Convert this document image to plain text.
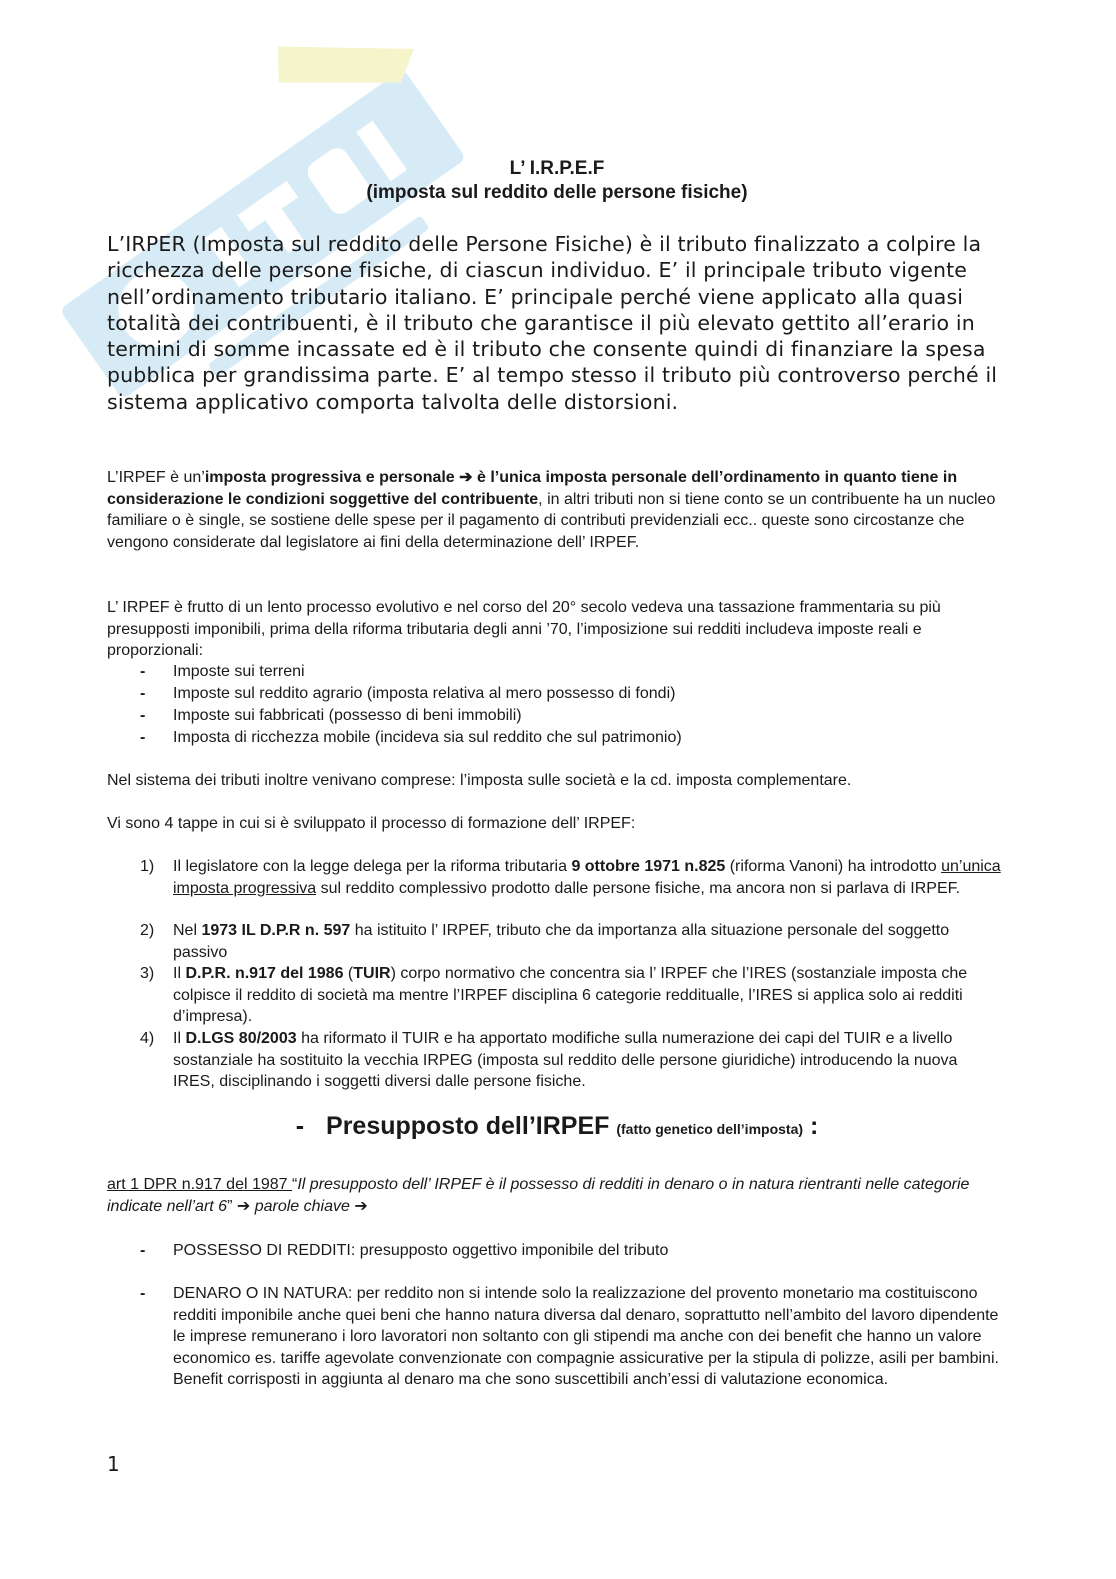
L’ I.R.P.E.F
(imposta sul reddito delle persone fisiche)

L’IRPER (Imposta sul reddito delle Persone Fisiche) è il tributo finalizzato a colpire la ricchezza delle persone fisiche, di ciascun individuo. E’ il principale tributo vigente nell’ordinamento tributario italiano. E’ principale perché viene applicato alla quasi totalità dei contribuenti, è il tributo che garantisce il più elevato gettito all’erario in termini di somme incassate ed è il tributo che consente quindi di finanziare la spesa pubblica per grandissima parte. E’ al tempo stesso il tributo più controverso perché il sistema applicativo comporta talvolta delle distorsioni.

L’IRPEF è un’imposta progressiva e personale ➔ è l’unica imposta personale dell’ordinamento in quanto tiene in considerazione le condizioni soggettive del contribuente, in altri tributi non si tiene conto se un contribuente ha un nucleo familiare o è single, se sostiene delle spese per il pagamento di contributi previdenziali ecc.. queste sono circostanze che vengono considerate dal legislatore ai fini della determinazione dell’ IRPEF.

L’ IRPEF è frutto di un lento processo evolutivo e nel corso del 20° secolo vedeva una tassazione frammentaria su più presupposti imponibili, prima della riforma tributaria degli anni ’70, l’imposizione sui redditi includeva imposte reali e proporzionali:

- Imposte sui terreni
- Imposte sul reddito agrario (imposta relativa al mero possesso di fondi)
- Imposte sui fabbricati (possesso di beni immobili)
- Imposta di ricchezza mobile (incideva sia sul reddito che sul patrimonio)

Nel sistema dei tributi inoltre venivano comprese: l’imposta sulle società e la cd. imposta complementare.

Vi sono 4 tappe in cui si è sviluppato il processo di formazione dell’ IRPEF:

1) Il legislatore con la legge delega per la riforma tributaria 9 ottobre 1971 n.825 (riforma Vanoni) ha introdotto un’unica imposta progressiva sul reddito complessivo prodotto dalle persone fisiche, ma ancora non si parlava di IRPEF.
2) Nel 1973 IL D.P.R n. 597 ha istituito l’ IRPEF, tributo che da importanza alla situazione personale del soggetto passivo
3) Il D.P.R. n.917 del 1986 (TUIR) corpo normativo che concentra sia l’ IRPEF che l’IRES (sostanziale imposta che colpisce il reddito di società ma mentre l’IRPEF disciplina 6 categorie redditualle, l’IRES si applica solo ai redditi d’impresa).
4) Il D.LGS 80/2003 ha riformato il TUIR e ha apportato modifiche sulla numerazione dei capi del TUIR e a livello sostanziale ha sostituito la vecchia IRPEG (imposta sul reddito delle persone giuridiche) introducendo la nuova IRES, disciplinando i soggetti diversi dalle persone fisiche.
- Presupposto dell’IRPEF (fatto genetico dell’imposta) :

art 1 DPR n.917 del 1987 “Il presupposto dell’ IRPEF è il possesso di redditi in denaro o in natura rientranti nelle categorie indicate nell’art 6” ➔ parole chiave ➔

- POSSESSO DI REDDITI: presupposto oggettivo imponibile del tributo
- DENARO O IN NATURA: per reddito non si intende solo la realizzazione del provento monetario ma costituiscono redditi imponibile anche quei beni che hanno natura diversa dal denaro, soprattutto nell’ambito del lavoro dipendente le imprese remunerano i loro lavoratori non soltanto con gli stipendi ma anche con dei benefit che hanno un valore economico es. tariffe agevolate convenzionate con compagnie assicurative per la stipula di polizze, asili per bambini. Benefit corrisposti in aggiunta al denaro ma che sono suscettibili anch’essi di valutazione economica.
1
